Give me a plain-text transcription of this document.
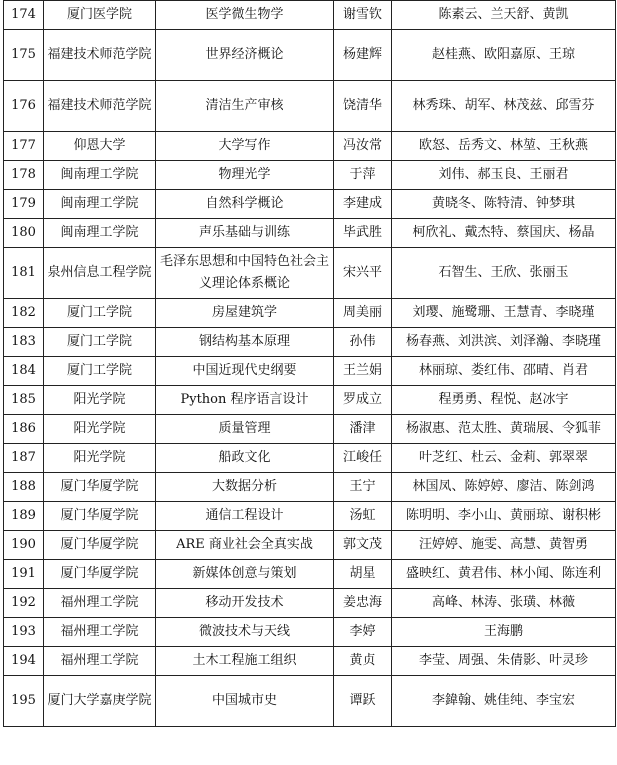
174	厦门医学院	医学微生物学	谢雪钦	陈素云、兰天舒、黄凯
175	福建技术师范学院	世界经济概论	杨建辉	赵桂燕、欧阳嘉原、王琼
176	福建技术师范学院	清洁生产审核	饶清华	林秀珠、胡军、林茂兹、邱雪芬
177	仰恩大学	大学写作	冯汝常	欧怒、岳秀文、林堃、王秋燕
178	闽南理工学院	物理光学	于萍	刘伟、郝玉良、王丽君
179	闽南理工学院	自然科学概论	李建成	黄晓冬、陈特清、钟梦琪
180	闽南理工学院	声乐基础与训练	毕武胜	柯欣礼、戴杰特、蔡国庆、杨晶
181	泉州信息工程学院	毛泽东思想和中国特色社会主义理论体系概论	宋兴平	石智生、王欣、张丽玉
182	厦门工学院	房屋建筑学	周美丽	刘璎、施鹭珊、王慧青、李晓瑾
183	厦门工学院	钢结构基本原理	孙伟	杨春燕、刘洪滨、刘泽瀚、李晓瑾
184	厦门工学院	中国近现代史纲要	王兰娟	林丽琼、娄红伟、邵晴、肖君
185	阳光学院	Python 程序语言设计	罗成立	程勇勇、程悦、赵冰宇
186	阳光学院	质量管理	潘津	杨淑惠、范太胜、黄瑞展、令狐菲
187	阳光学院	船政文化	江峻任	叶芝红、杜云、金莉、郭翠翠
188	厦门华厦学院	大数据分析	王宁	林国凤、陈婷婷、廖洁、陈剑鸿
189	厦门华厦学院	通信工程设计	汤虹	陈明明、李小山、黄丽琼、谢积彬
190	厦门华厦学院	ARE 商业社会全真实战	郭文茂	汪婷婷、施雯、高慧、黄智勇
191	厦门华厦学院	新媒体创意与策划	胡星	盛映红、黄君伟、林小闻、陈连利
192	福州理工学院	移动开发技术	姜忠海	高峰、林涛、张璜、林薇
193	福州理工学院	微波技术与天线	李婷	王海鹏
194	福州理工学院	土木工程施工组织	黄贞	李莹、周强、朱倩影、叶灵珍
195	厦门大学嘉庚学院	中国城市史	谭跃	李鍏翰、姚佳纯、李宝宏
